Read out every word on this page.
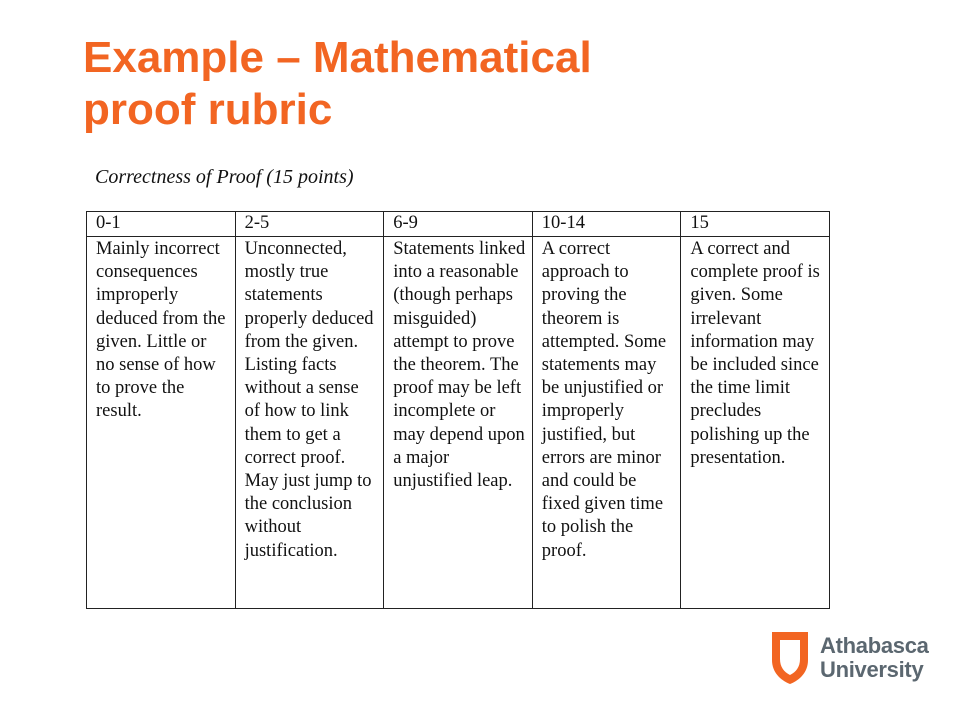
Example – Mathematical
proof rubric

Correctness of Proof (15 points)

0-1	2-5	6-9	10-14	15
Mainly incorrect consequences improperly deduced from the given. Little or no sense of how to prove the result.	Unconnected, mostly true statements properly deduced from the given. Listing facts without a sense of how to link them to get a correct proof. May just jump to the conclusion without justification.	Statements linked into a reasonable (though perhaps misguided) attempt to prove the theorem. The proof may be left incomplete or may depend upon a major unjustified leap.	A correct approach to proving the theorem is attempted. Some statements may be unjustified or improperly justified, but errors are minor and could be fixed given time to polish the proof.	A correct and complete proof is given. Some irrelevant information may be included since the time limit precludes polishing up the presentation.
Athabasca
University
